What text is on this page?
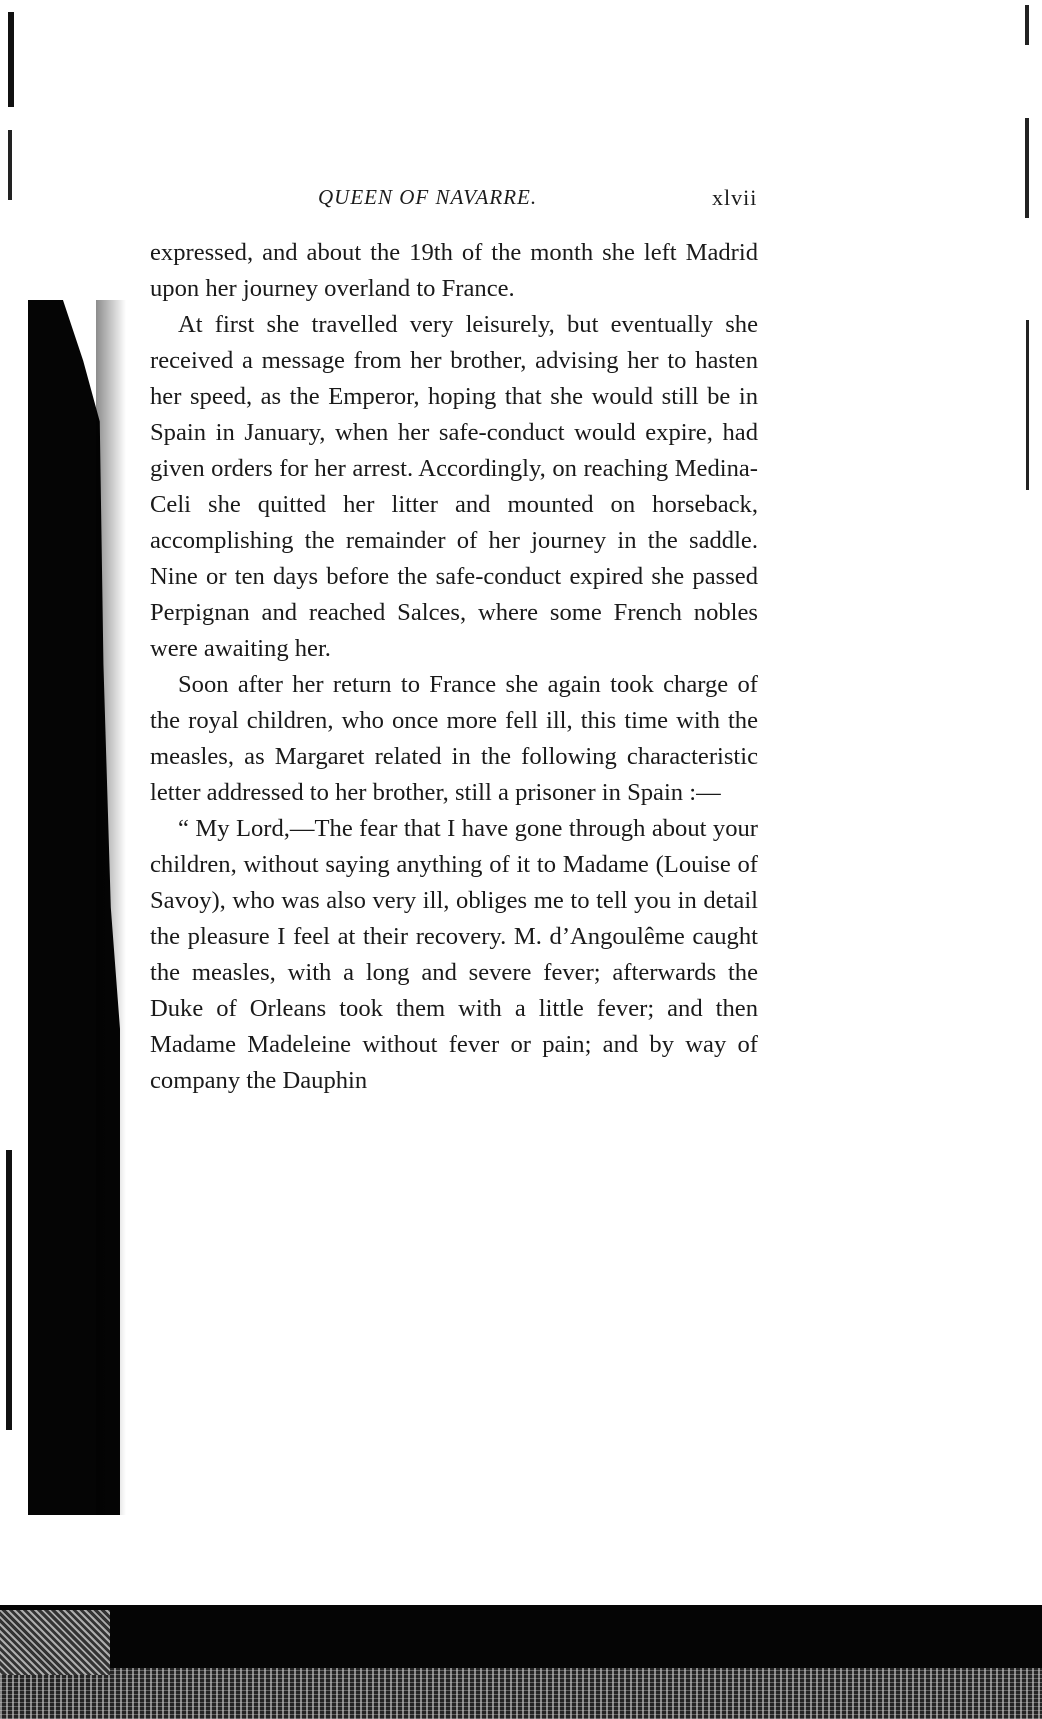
QUEEN OF NAVARRE.	xlvii

expressed, and about the 19th of the month she left Madrid upon her journey overland to France.

At first she travelled very leisurely, but eventually she received a message from her brother, advising her to hasten her speed, as the Emperor, hoping that she would still be in Spain in January, when her safe-conduct would expire, had given orders for her arrest. Accordingly, on reaching Medina-Celi she quitted her litter and mounted on horseback, accomplishing the remainder of her journey in the saddle. Nine or ten days before the safe-conduct expired she passed Perpignan and reached Salces, where some French nobles were awaiting her.

Soon after her return to France she again took charge of the royal children, who once more fell ill, this time with the measles, as Margaret related in the following characteristic letter addressed to her brother, still a prisoner in Spain :—

“ My Lord,—The fear that I have gone through about your children, without saying anything of it to Madame (Louise of Savoy), who was also very ill, obliges me to tell you in detail the pleasure I feel at their recovery. M. d’Angoulême caught the measles, with a long and severe fever; afterwards the Duke of Orleans took them with a little fever; and then Madame Madeleine without fever or pain; and by way of company the Dauphin
